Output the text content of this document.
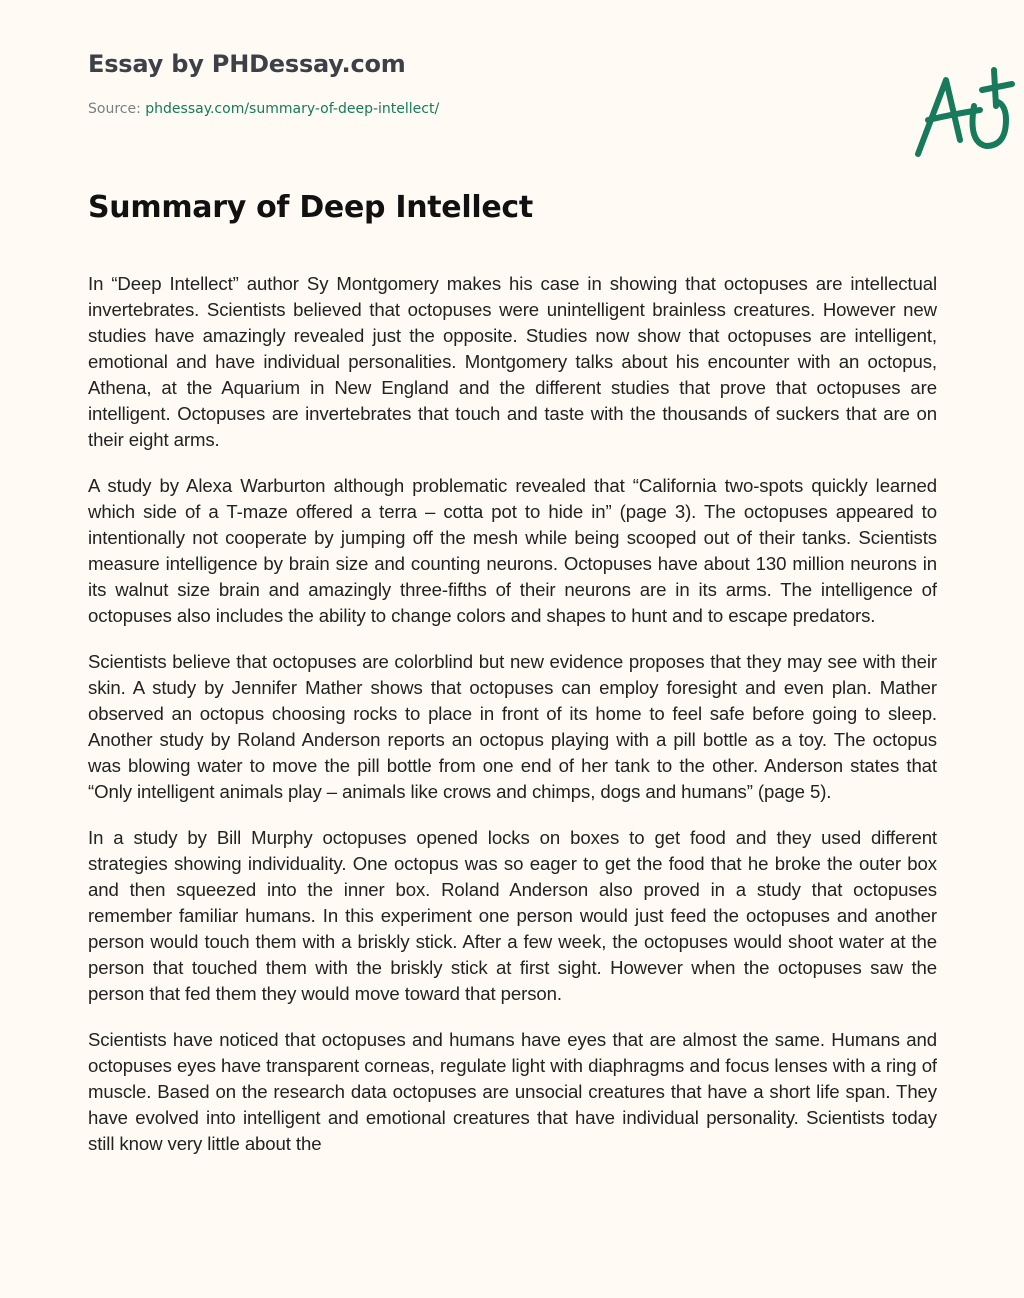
Essay by PHDessay.com
Source: phdessay.com/summary-of-deep-intellect/
Summary of Deep Intellect

In “Deep Intellect” author Sy Montgomery makes his case in showing that octopuses are intellectual invertebrates. Scientists believed that octopuses were unintelligent brainless creatures. However new studies have amazingly revealed just the opposite. Studies now show that octopuses are intelligent, emotional and have individual personalities. Montgomery talks about his encounter with an octopus, Athena, at the Aquarium in New England and the different studies that prove that octopuses are intelligent. Octopuses are invertebrates that touch and taste with the thousands of suckers that are on their eight arms.

A study by Alexa Warburton although problematic revealed that “California two-spots quickly learned which side of a T-maze offered a terra – cotta pot to hide in” (page 3). The octopuses appeared to intentionally not cooperate by jumping off the mesh while being scooped out of their tanks. Scientists measure intelligence by brain size and counting neurons. Octopuses have about 130 million neurons in its walnut size brain and amazingly three-fifths of their neurons are in its arms. The intelligence of octopuses also includes the ability to change colors and shapes to hunt and to escape predators.

Scientists believe that octopuses are colorblind but new evidence proposes that they may see with their skin. A study by Jennifer Mather shows that octopuses can employ foresight and even plan. Mather observed an octopus choosing rocks to place in front of its home to feel safe before going to sleep. Another study by Roland Anderson reports an octopus playing with a pill bottle as a toy. The octopus was blowing water to move the pill bottle from one end of her tank to the other. Anderson states that “Only intelligent animals play – animals like crows and chimps, dogs and humans” (page 5).

In a study by Bill Murphy octopuses opened locks on boxes to get food and they used different strategies showing individuality. One octopus was so eager to get the food that he broke the outer box and then squeezed into the inner box. Roland Anderson also proved in a study that octopuses remember familiar humans. In this experiment one person would just feed the octopuses and another person would touch them with a briskly stick. After a few week, the octopuses would shoot water at the person that touched them with the briskly stick at first sight. However when the octopuses saw the person that fed them they would move toward that person.

Scientists have noticed that octopuses and humans have eyes that are almost the same. Humans and octopuses eyes have transparent corneas, regulate light with diaphragms and focus lenses with a ring of muscle. Based on the research data octopuses are unsocial creatures that have a short life span. They have evolved into intelligent and emotional creatures that have individual personality. Scientists today still know very little about the
